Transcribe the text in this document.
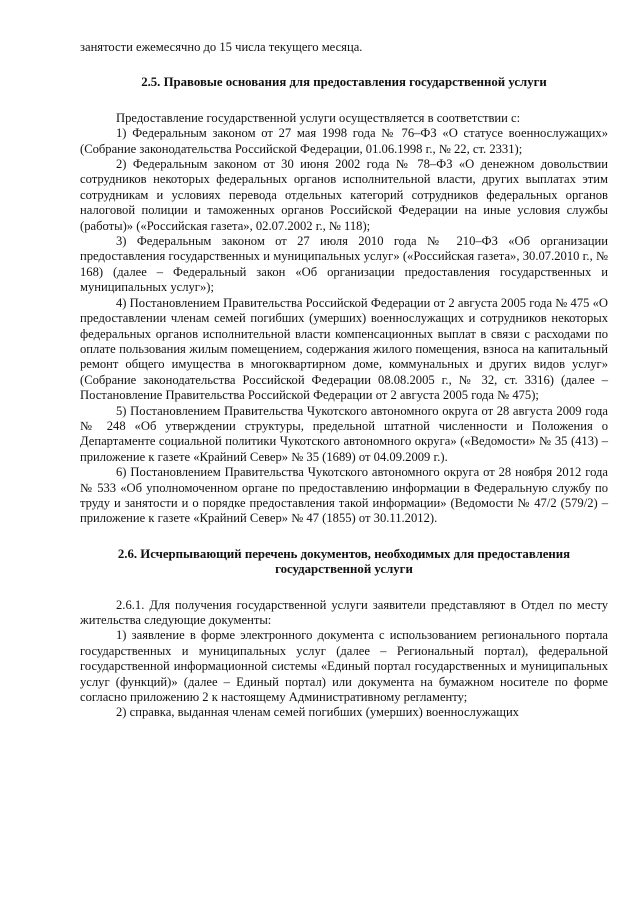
занятости ежемесячно до 15 числа текущего месяца.

2.5. Правовые основания для предоставления государственной услуги

Предоставление государственной услуги осуществляется в соответствии с:

1) Федеральным законом от 27 мая 1998 года № 76–ФЗ «О статусе военнослужащих» (Собрание законодательства Российской Федерации, 01.06.1998 г., № 22, ст. 2331);

2) Федеральным законом от 30 июня 2002 года № 78–ФЗ «О денежном довольствии сотрудников некоторых федеральных органов исполнительной власти, других выплатах этим сотрудникам и условиях перевода отдельных категорий сотрудников федеральных органов налоговой полиции и таможенных органов Российской Федерации на иные условия службы (работы)» («Российская газета», 02.07.2002 г., № 118);

3) Федеральным законом от 27 июля 2010 года № 210–ФЗ «Об организации предоставления государственных и муниципальных услуг» («Российская газета», 30.07.2010 г., № 168) (далее – Федеральный закон «Об организации предоставления государственных и муниципальных услуг»);

4) Постановлением Правительства Российской Федерации от 2 августа 2005 года № 475 «О предоставлении членам семей погибших (умерших) военнослужащих и сотрудников некоторых федеральных органов исполнительной власти компенсационных выплат в связи с расходами по оплате пользования жилым помещением, содержания жилого помещения, взноса на капитальный ремонт общего имущества в многоквартирном доме, коммунальных и других видов услуг» (Собрание законодательства Российской Федерации 08.08.2005 г., № 32, ст. 3316) (далее – Постановление Правительства Российской Федерации от 2 августа 2005 года № 475);

5) Постановлением Правительства Чукотского автономного округа от 28 августа 2009 года № 248 «Об утверждении структуры, предельной штатной численности и Положения о Департаменте социальной политики Чукотского автономного округа» («Ведомости» № 35 (413) – приложение к газете «Крайний Север» № 35 (1689) от 04.09.2009 г.).

6) Постановлением Правительства Чукотского автономного округа от 28 ноября 2012 года № 533 «Об уполномоченном органе по предоставлению информации в Федеральную службу по труду и занятости и о порядке предоставления такой информации» (Ведомости № 47/2 (579/2) – приложение к газете «Крайний Север» № 47 (1855) от 30.11.2012).

2.6. Исчерпывающий перечень документов, необходимых для предоставления

государственной услуги

2.6.1. Для получения государственной услуги заявители представляют в Отдел по месту жительства следующие документы:

1) заявление в форме электронного документа с использованием регионального портала государственных и муниципальных услуг (далее – Региональный портал), федеральной государственной информационной системы «Единый портал государственных и муниципальных услуг (функций)» (далее – Единый портал) или документа на бумажном носителе по форме согласно приложению 2 к настоящему Административному регламенту;

2) справка, выданная членам семей погибших (умерших) военнослужащих
